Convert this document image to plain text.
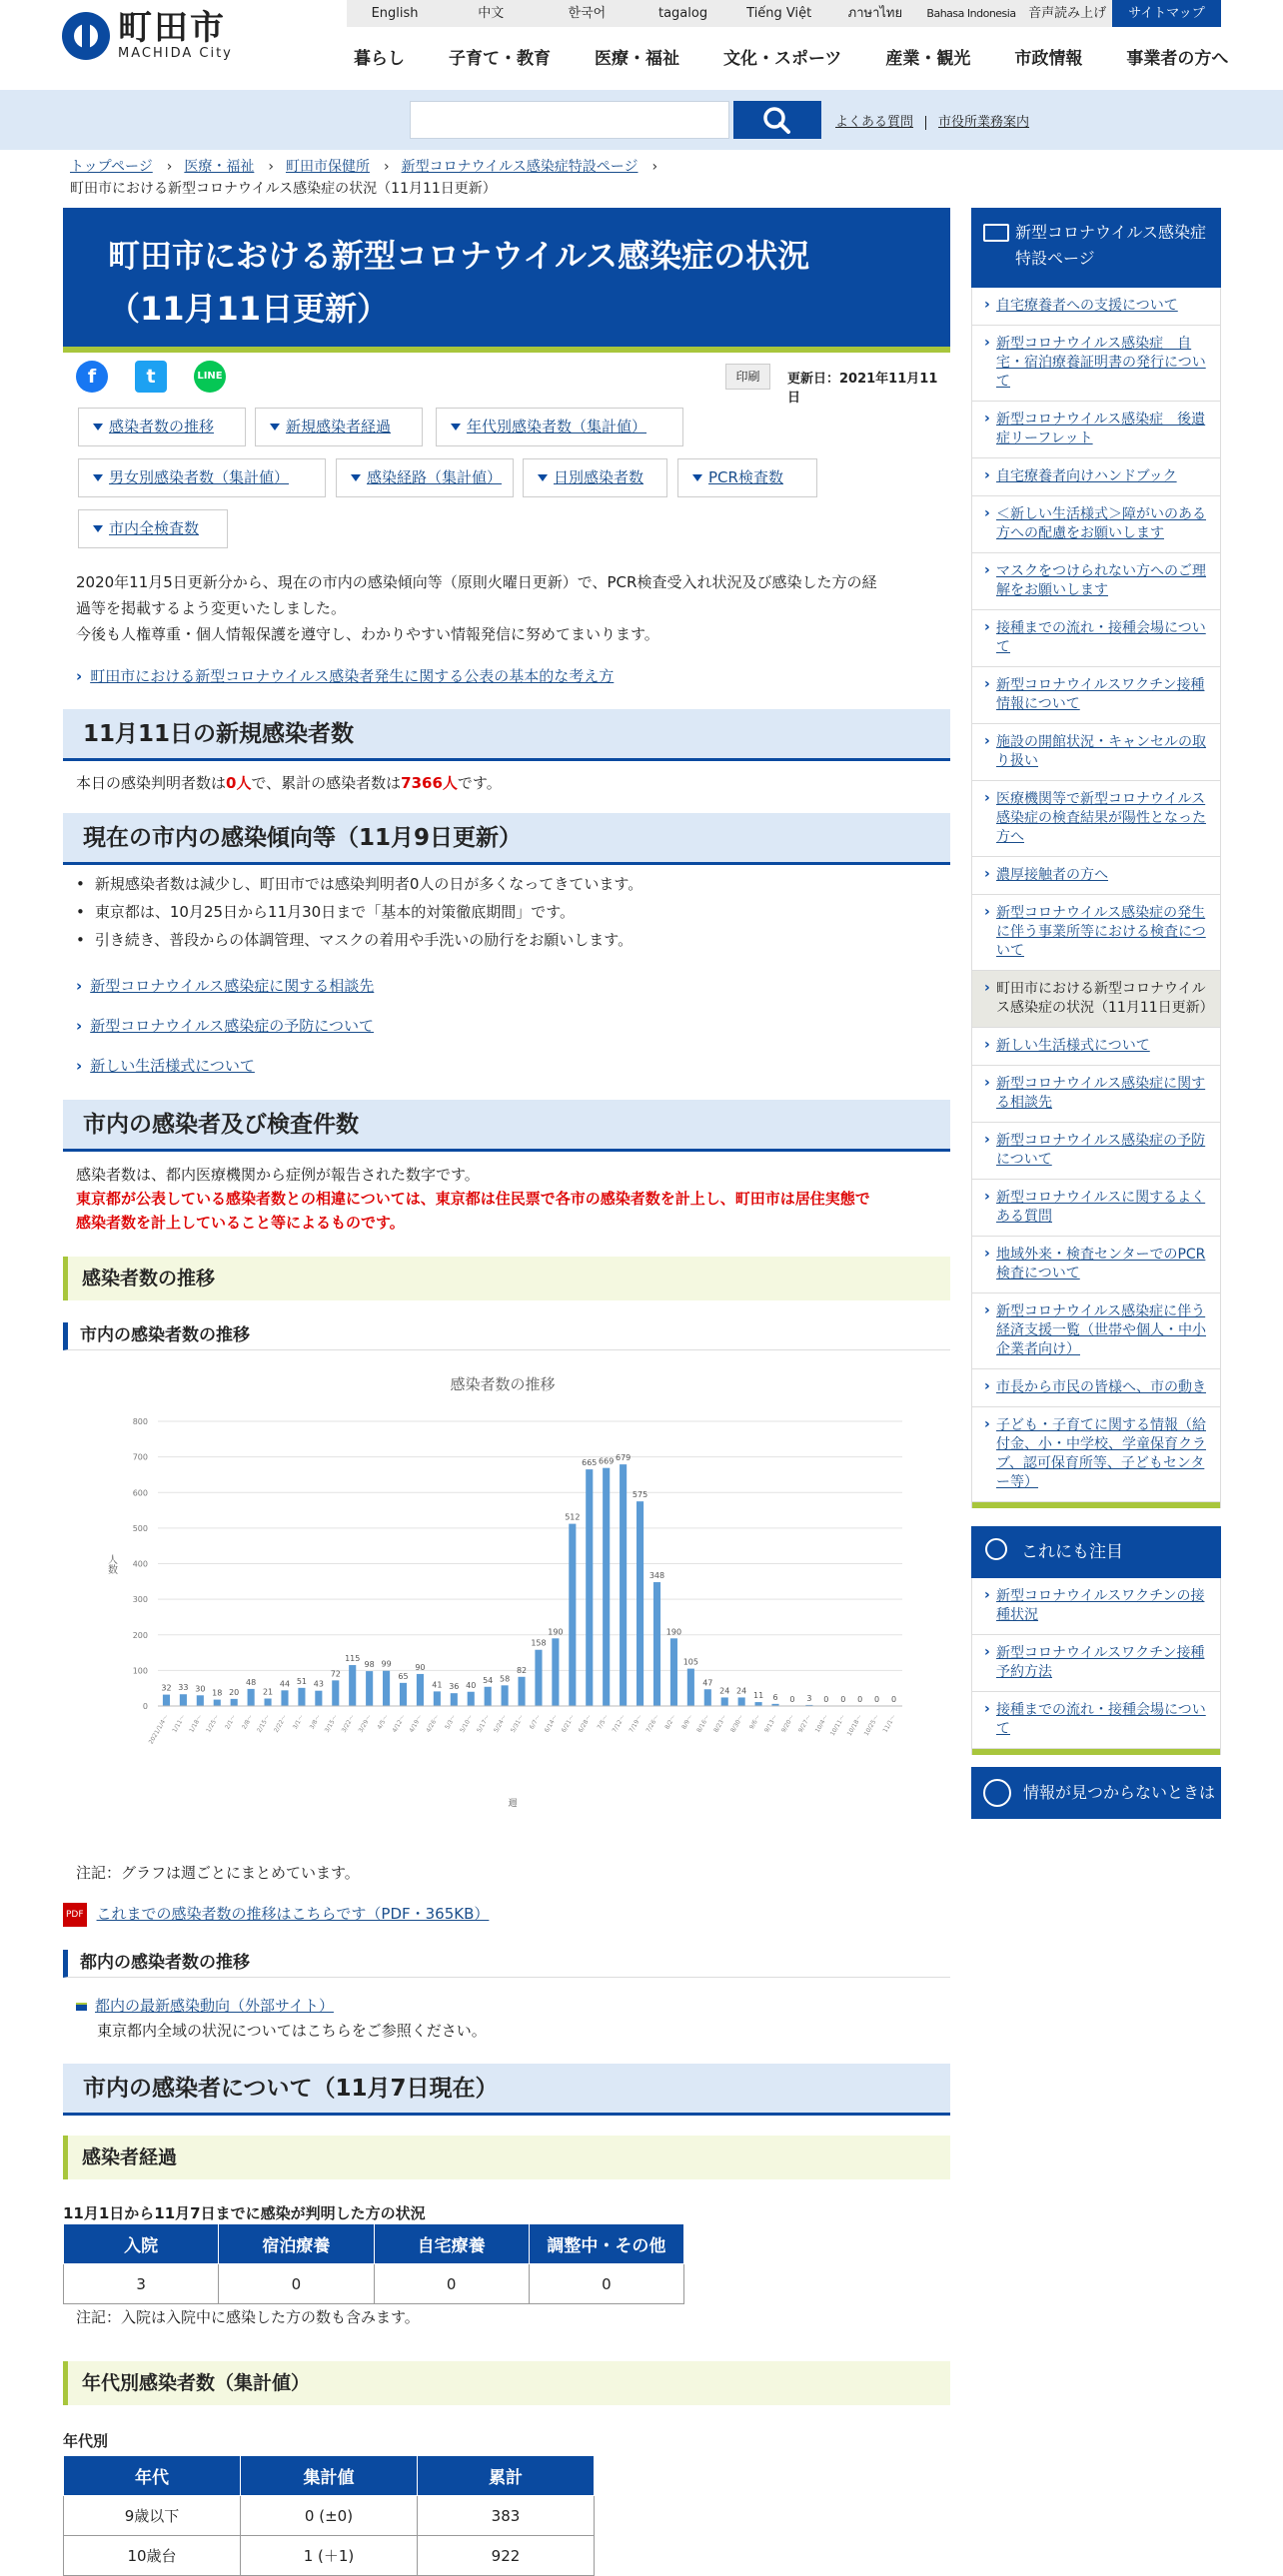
町田市
MACHIDA City
English	中文	한국어	tagalog	Tiếng Việt	ภาษาไทย	Bahasa Indonesia 音声読み上げ	サイトマップ
暮らし	子育て・教育	医療・福祉	文化・スポーツ	産業・観光	市政情報	事業者の方へ
よくある質問 市役所業務案内
トップページ › 医療・福祉 › 町田市保健所 › 新型コロナウイルス感染症特設ページ ›
町田市における新型コロナウイルス感染症の状況（11月11日更新）
町田市における新型コロナウイルス感染症の状況
（11月11日更新）
f	t	LINE	印刷	更新日：2021年11月11日
感染者数の推移	新規感染者経過	年代別感染者数（集計値）
男女別感染者数（集計値）	感染経路（集計値）	日別感染者数	PCR検査数
市内全検査数
2020年11月5日更新分から、現在の市内の感染傾向等（原則火曜日更新）で、PCR検査受入れ状況及び感染した方の経
過等を掲載するよう変更いたしました。
今後も人権尊重・個人情報保護を遵守し、わかりやすい情報発信に努めてまいります。
› 町田市における新型コロナウイルス感染者発生に関する公表の基本的な考え方
11月11日の新規感染者数
本日の感染判明者数は0人で、累計の感染者数は7366人です。
現在の市内の感染傾向等（11月9日更新）
• 新規感染者数は減少し、町田市では感染判明者0人の日が多くなってきています。
• 東京都は、10月25日から11月30日まで「基本的対策徹底期間」です。
• 引き続き、普段からの体調管理、マスクの着用や手洗いの励行をお願いします。
› 新型コロナウイルス感染症に関する相談先
› 新型コロナウイルス感染症の予防について
› 新しい生活様式について
市内の感染者及び検査件数
感染者数は、都内医療機関から症例が報告された数字です。
東京都が公表している感染者数との相違については、東京都は住民票で各市の感染者数を計上し、町田市は居住実態で
感染者数を計上していること等によるものです。
感染者数の推移
市内の感染者数の推移
感染者数の推移
0
100
200
300
400
500
600
700
800
人数
32
2021/1/4～
33
1/11～
30
1/18～
18
1/25～
20
2/1～
48
2/8～
21
2/15～
44
2/22～
51
3/1～
43
3/8～
72
3/15～
115
3/22～
98
3/29～
99
4/5～
65
4/12～
90
4/19～
41
4/26～
36
5/3～
40
5/10～
54
5/17～
58
5/24～
82
5/31～
158
6/7～
190
6/14～
512
6/21～
665
6/28～
669
7/5～
679
7/12～
575
7/19～
348
7/26～
190
8/2～
105
8/9～
47
8/16～
24
8/23～
24
8/30～
11
9/6～
6
9/13～
0
9/20～
3
9/27～
0
10/4～
0
10/11～
0
10/18～
0
10/25～
0
11/1～
週
注記：グラフは週ごとにまとめています。
PDF これまでの感染者数の推移はこちらです（PDF・365KB）
都内の感染者数の推移
都内の最新感染動向（外部サイト）
東京都内全域の状況についてはこちらをご参照ください。
市内の感染者について（11月7日現在）
感染者経過
11月1日から11月7日までに感染が判明した方の状況
入院	宿泊療養	自宅療養	調整中・その他
3	0	0	0
注記：入院は入院中に感染した方の数も含みます。
年代別感染者数（集計値）
年代別
年代	集計値	累計
9歳以下	0 (±0)	383
10歳台	1 (＋1)	922
新型コロナウイルス感染症特設ページ
› 自宅療養者への支援について
› 新型コロナウイルス感染症　自宅・宿泊療養証明書の発行について
› 新型コロナウイルス感染症　後遺症リーフレット
› 自宅療養者向けハンドブック
› ＜新しい生活様式＞障がいのある方への配慮をお願いします
› マスクをつけられない方へのご理解をお願いします
› 接種までの流れ・接種会場について
› 新型コロナウイルスワクチン接種情報について
› 施設の開館状況・キャンセルの取り扱い
› 医療機関等で新型コロナウイルス感染症の検査結果が陽性となった方へ
› 濃厚接触者の方へ
› 新型コロナウイルス感染症の発生に伴う事業所等における検査について
› 町田市における新型コロナウイルス感染症の状況（11月11日更新）
› 新しい生活様式について
› 新型コロナウイルス感染症に関する相談先
› 新型コロナウイルス感染症の予防について
› 新型コロナウイルスに関するよくある質問
› 地域外来・検査センターでのPCR検査について
› 新型コロナウイルス感染症に伴う経済支援一覧（世帯や個人・中小企業者向け）
› 市長から市民の皆様へ、市の動き
› 子ども・子育てに関する情報（給付金、小・中学校、学童保育クラブ、認可保育所等、子どもセンター等）
これにも注目
› 新型コロナウイルスワクチンの接種状況
› 新型コロナウイルスワクチン接種予約方法
› 接種までの流れ・接種会場について
情報が見つからないときは
